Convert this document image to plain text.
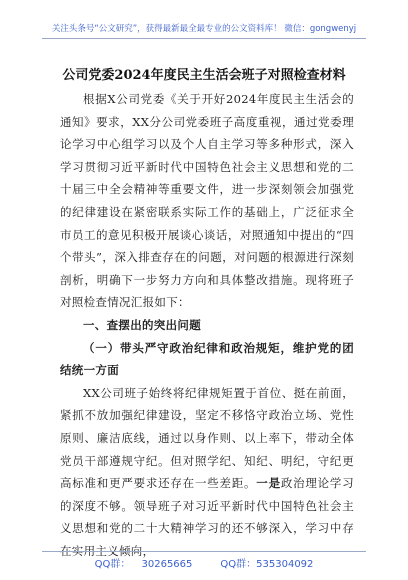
关注头条号“公文研究”，获得最新最全最专业的公文资料库！ 微信：gongwenyj
公司党委2024年度民主生活会班子对照检查材料

根据X公司党委《关于开好2024年度民主生活会的通知》要求，XX分公司党委班子高度重视，通过党委理论学习中心组学习以及个人自主学习等多种形式，深入学习贯彻习近平新时代中国特色社会主义思想和党的二十届三中全会精神等重要文件，进一步深刻领会加强党的纪律建设在紧密联系实际工作的基础上，广泛征求全市员工的意见积极开展谈心谈话，对照通知中提出的“四个带头”，深入排查存在的问题，对问题的根源进行深刻剖析，明确下一步努力方向和具体整改措施。现将班子对照检查情况汇报如下：

一、查摆出的突出问题

（一）带头严守政治纪律和政治规矩，维护党的团结统一方面

XX公司班子始终将纪律规矩置于首位、挺在前面，紧抓不放加强纪律建设，坚定不移恪守政治立场、党性原则、廉洁底线，通过以身作则、以上率下，带动全体党员干部遵规守纪。但对照学纪、知纪、明纪，守纪更高标准和更严要求还存在一些差距。一是政治理论学习的深度不够。领导班子对习近平新时代中国特色社会主义思想和党的二十大精神学习的还不够深入，学习中存在实用主义倾向，

QQ群： 30265665	QQ群：535304092
